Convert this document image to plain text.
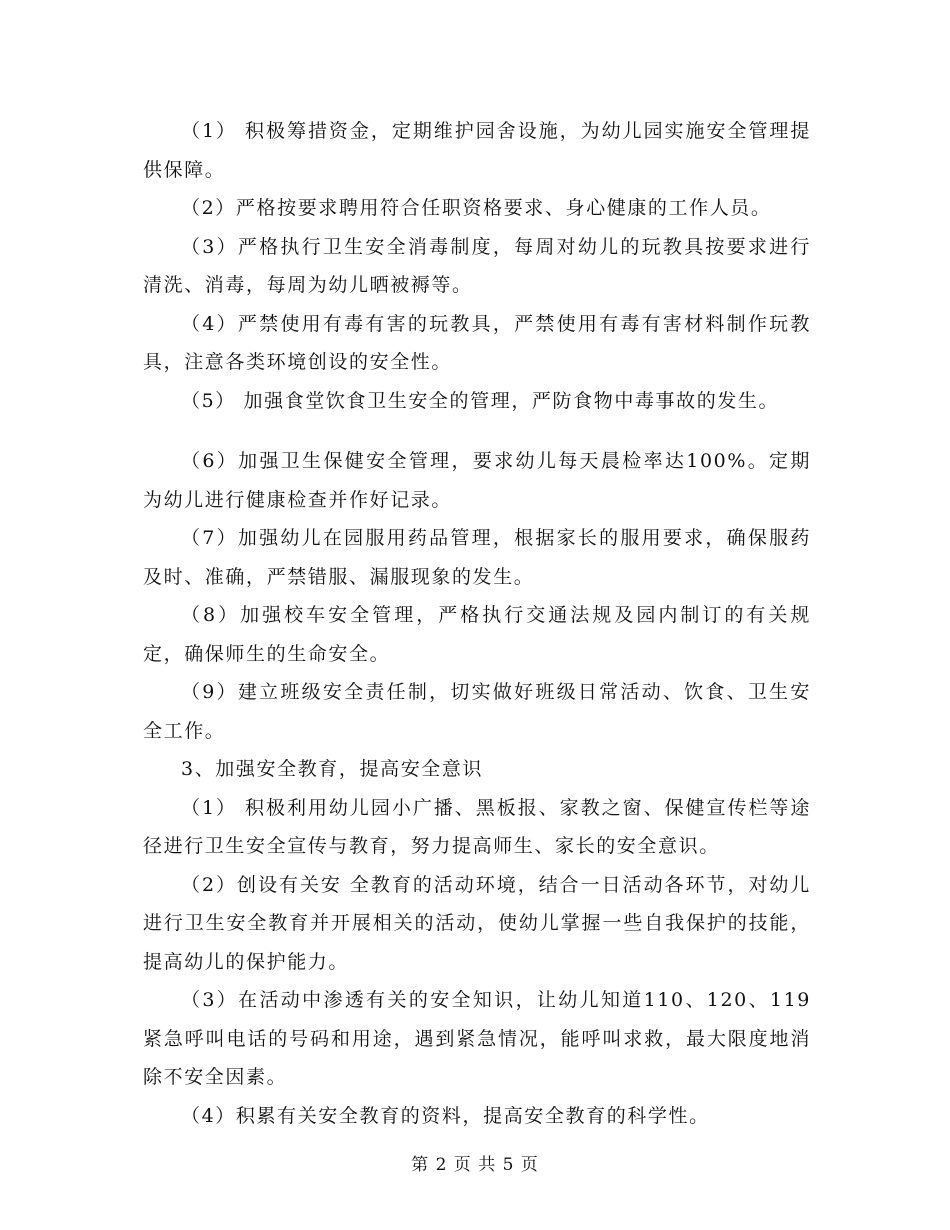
（1） 积极筹措资金，定期维护园舍设施，为幼儿园实施安全管理提供保障。

（2）严格按要求聘用符合任职资格要求、身心健康的工作人员。

（3）严格执行卫生安全消毒制度，每周对幼儿的玩教具按要求进行清洗、消毒，每周为幼儿晒被褥等。

（4）严禁使用有毒有害的玩教具，严禁使用有毒有害材料制作玩教具，注意各类环境创设的安全性。

（5） 加强食堂饮食卫生安全的管理，严防食物中毒事故的发生。

（6）加强卫生保健安全管理，要求幼儿每天晨检率达100%。定期为幼儿进行健康检查并作好记录。

（7）加强幼儿在园服用药品管理，根据家长的服用要求，确保服药及时、准确，严禁错服、漏服现象的发生。

（8）加强校车安全管理，严格执行交通法规及园内制订的有关规定，确保师生的生命安全。

（9）建立班级安全责任制，切实做好班级日常活动、饮食、卫生安全工作。

3、加强安全教育，提高安全意识

（1） 积极利用幼儿园小广播、黑板报、家教之窗、保健宣传栏等途径进行卫生安全宣传与教育，努力提高师生、家长的安全意识。

（2）创设有关安 全教育的活动环境，结合一日活动各环节，对幼儿进行卫生安全教育并开展相关的活动，使幼儿掌握一些自我保护的技能，提高幼儿的保护能力。

（3）在活动中渗透有关的安全知识，让幼儿知道110、120、119紧急呼叫电话的号码和用途，遇到紧急情况，能呼叫求救，最大限度地消除不安全因素。

（4）积累有关安全教育的资料，提高安全教育的科学性。

第 2 页 共 5 页
